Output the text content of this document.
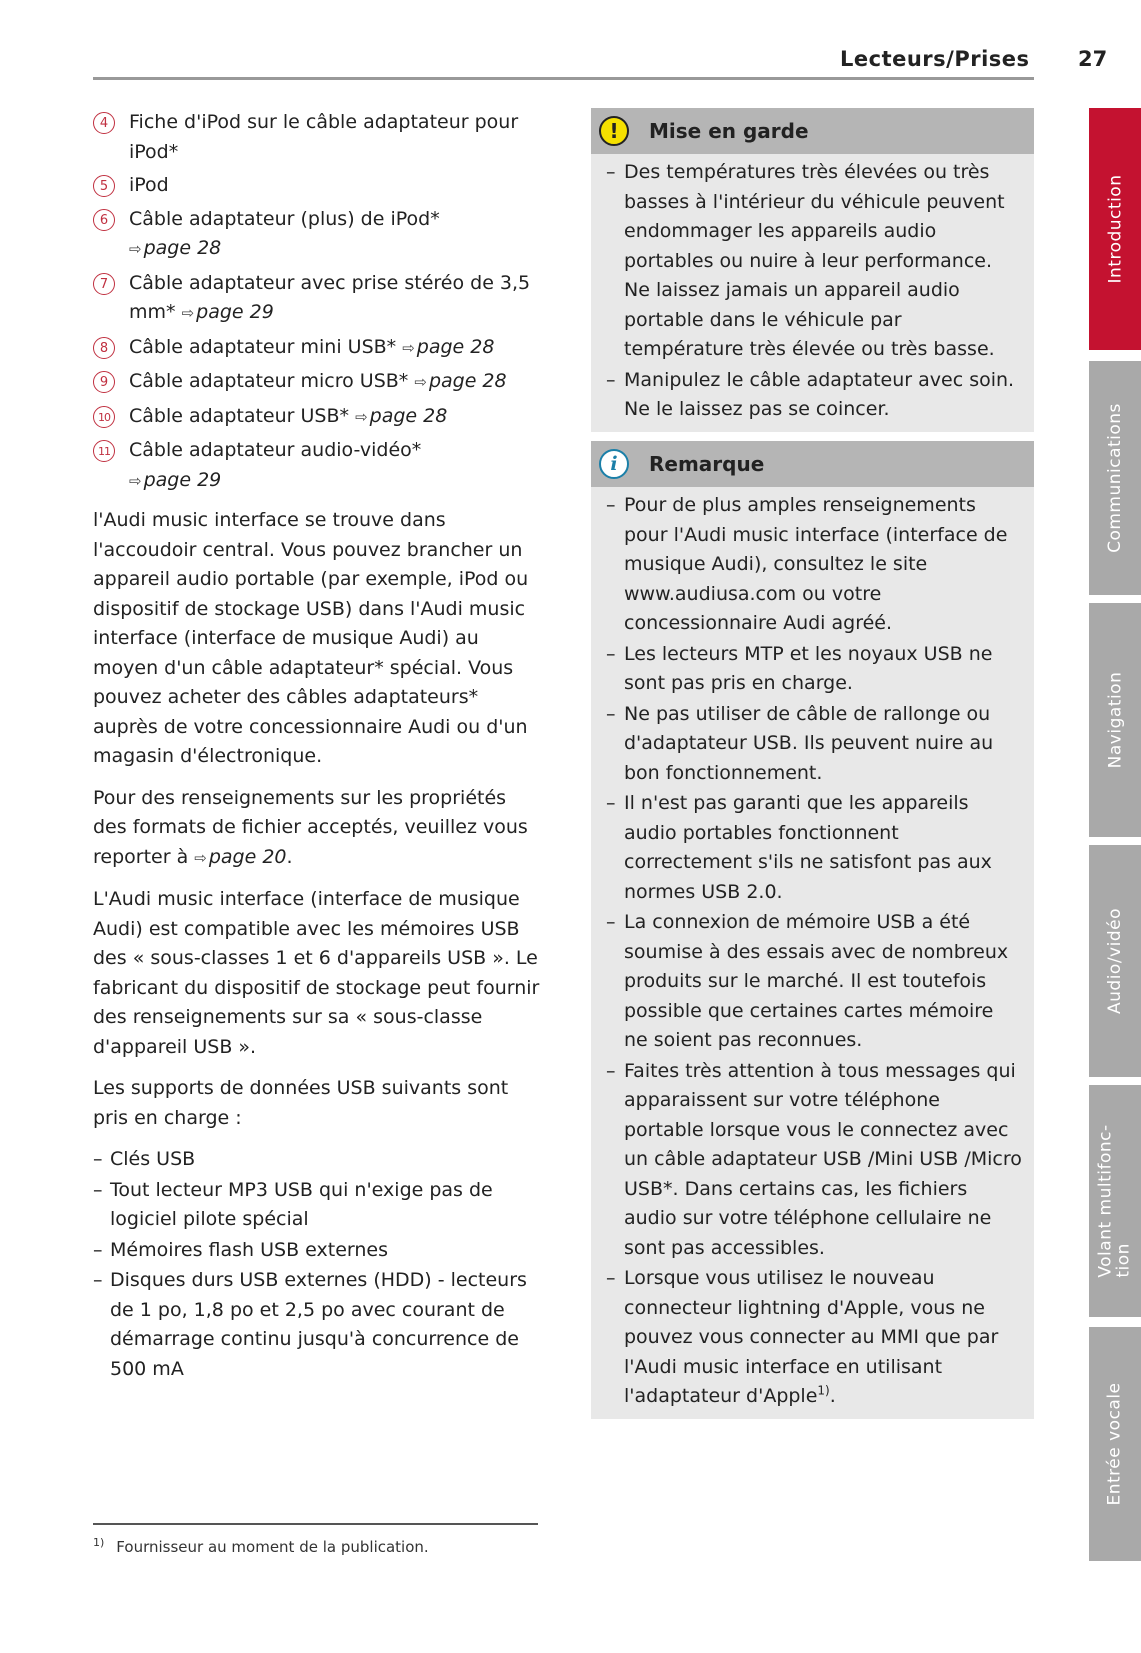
Lecteurs/Prises 27
4	Fiche d'iPod sur le câble adaptateur pour iPod*
5	iPod
6	Câble adaptateur (plus) de iPod*
⇨ page 28
7	Câble adaptateur avec prise stéréo de 3,5 mm* ⇨ page 29
8	Câble adaptateur mini USB* ⇨ page 28
9	Câble adaptateur micro USB* ⇨ page 28
10 Câble adaptateur USB* ⇨ page 28
11 Câble adaptateur audio-vidéo*
⇨ page 29

l'Audi music interface se trouve dans l'accoudoir central. Vous pouvez brancher un appareil audio portable (par exemple, iPod ou dispositif de stockage USB) dans l'Audi music interface (interface de musique Audi) au moyen d'un câble adaptateur* spécial. Vous pouvez acheter des câbles adaptateurs* auprès de votre concessionnaire Audi ou d'un magasin d'électronique.

Pour des renseignements sur les propriétés des formats de fichier acceptés, veuillez vous reporter à ⇨ page 20.

L'Audi music interface (interface de musique Audi) est compatible avec les mémoires USB des « sous-classes 1 et 6 d'appareils USB ». Le fabricant du dispositif de stockage peut fournir des renseignements sur sa « sous-classe d'appareil USB ».

Les supports de données USB suivants sont pris en charge :

– Clés USB
– Tout lecteur MP3 USB qui n'exige pas de logiciel pilote spécial
– Mémoires flash USB externes
– Disques durs USB externes (HDD) - lecteurs de 1 po, 1,8 po et 2,5 po avec courant de démarrage continu jusqu'à concurrence de 500 mA
!	Mise en garde
– Des températures très élevées ou très basses à l'intérieur du véhicule peuvent endommager les appareils audio portables ou nuire à leur performance. Ne laissez jamais un appareil audio portable dans le véhicule par température très élevée ou très basse.
– Manipulez le câble adaptateur avec soin. Ne le laissez pas se coincer.
i	Remarque
– Pour de plus amples renseignements pour l'Audi music interface (interface de musique Audi), consultez le site www.audiusa.com ou votre concessionnaire Audi agréé.
– Les lecteurs MTP et les noyaux USB ne sont pas pris en charge.
– Ne pas utiliser de câble de rallonge ou d'adaptateur USB. Ils peuvent nuire au bon fonctionnement.
– Il n'est pas garanti que les appareils audio portables fonctionnent correctement s'ils ne satisfont pas aux normes USB 2.0.
– La connexion de mémoire USB a été soumise à des essais avec de nombreux produits sur le marché. Il est toutefois possible que certaines cartes mémoire ne soient pas reconnues.
– Faites très attention à tous messages qui apparaissent sur votre téléphone portable lorsque vous le connectez avec un câble adaptateur USB /Mini USB /Micro USB*. Dans certains cas, les fichiers audio sur votre téléphone cellulaire ne sont pas accessibles.
– Lorsque vous utilisez le nouveau connecteur lightning d'Apple, vous ne pouvez vous connecter au MMI que par l'Audi music interface en utilisant l'adaptateur d'Apple$^{1)}$.
$^{1)}$ Fournisseur au moment de la publication.
Introduction
Communications
Navigation
Audio/vidéo
Volant multifonc-
tion
Entrée vocale
